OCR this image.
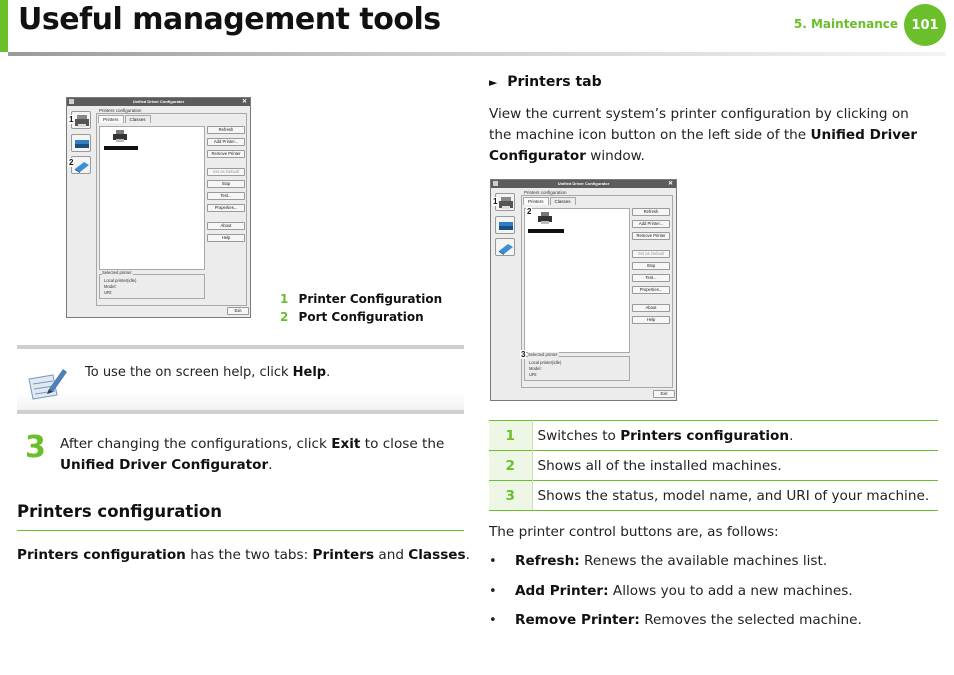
Useful management tools	5. Maintenance	101
Unified Driver Configurator	✕
Printers configuration
Printers	Classes
Refresh
Add Printer...
Remove Printer
Set as Default
Stop
Test...
Properties...
About
Help
Selected printer:
Local printer(idle)
Model:
URI:
Exit
1
2
1 Printer Configuration
2 Port Configuration
To use the on screen help, click Help.
3 After changing the configurations, click Exit to close the Unified Driver Configurator.
Printers configuration
Printers configuration has the two tabs: Printers and Classes.
► Printers tab
View the current system’s printer configuration by clicking on the machine icon button on the left side of the Unified Driver Configurator window.
Unified Driver Configurator	✕
Printers configuration
Printers	Classes
Refresh
Add Printer...
Remove Printer
Set as Default
Stop
Test...
Properties...
About
Help
Selected printer:
Local printer(idle)
Model:
URI:
Exit
1
2
3
1	Switches to Printers configuration.
2	Shows all of the installed machines.
3	Shows the status, model name, and URI of your machine.
The printer control buttons are, as follows:
• Refresh: Renews the available machines list.
• Add Printer: Allows you to add a new machines.
• Remove Printer: Removes the selected machine.
